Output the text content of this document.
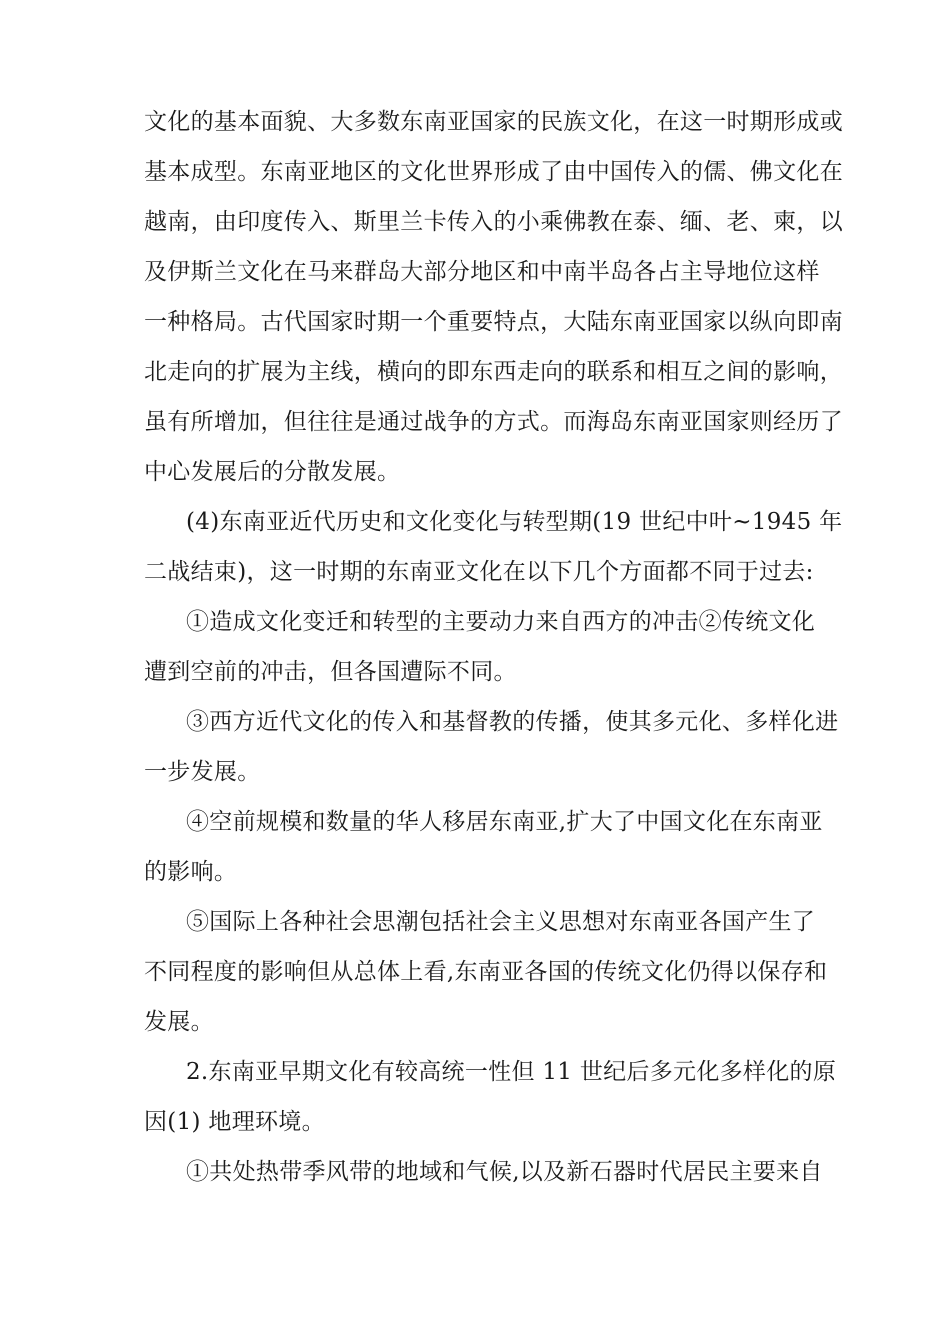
文化的基本面貌、大多数东南亚国家的民族文化，在这一时期形成或
基本成型。东南亚地区的文化世界形成了由中国传入的儒、佛文化在
越南，由印度传入、斯里兰卡传入的小乘佛教在泰、缅、老、柬，以
及伊斯兰文化在马来群岛大部分地区和中南半岛各占主导地位这样
一种格局。古代国家时期一个重要特点，大陆东南亚国家以纵向即南
北走向的扩展为主线，横向的即东西走向的联系和相互之间的影响，
虽有所增加，但往往是通过战争的方式。而海岛东南亚国家则经历了
中心发展后的分散发展。
(4)东南亚近代历史和文化变化与转型期(19 世纪中叶~1945 年
二战结束)，这一时期的东南亚文化在以下几个方面都不同于过去:
①造成文化变迁和转型的主要动力来自西方的冲击②传统文化
遭到空前的冲击，但各国遭际不同。
③西方近代文化的传入和基督教的传播，使其多元化、多样化进
一步发展。
④空前规模和数量的华人移居东南亚,扩大了中国文化在东南亚
的影响。
⑤国际上各种社会思潮包括社会主义思想对东南亚各国产生了
不同程度的影响但从总体上看,东南亚各国的传统文化仍得以保存和
发展。
2.东南亚早期文化有较高统一性但 11 世纪后多元化多样化的原
因(1) 地理环境。
①共处热带季风带的地域和气候,以及新石器时代居民主要来自
